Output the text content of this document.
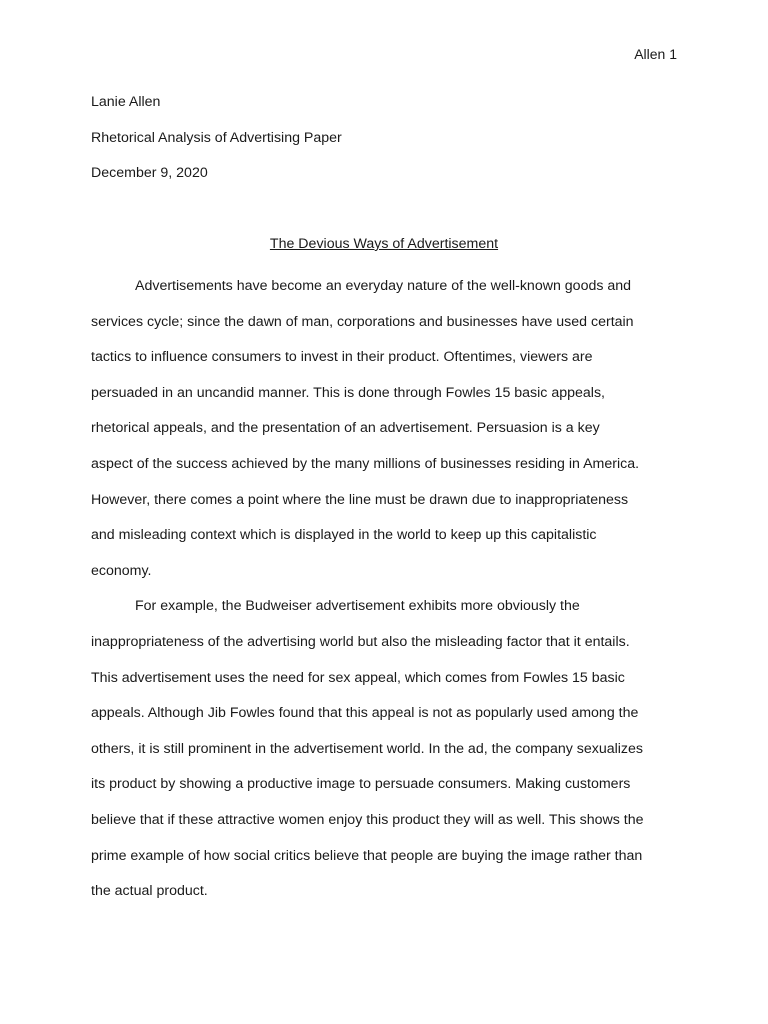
Allen 1
Lanie Allen
Rhetorical Analysis of Advertising Paper
December 9, 2020
The Devious Ways of Advertisement

Advertisements have become an everyday nature of the well-known goods and
services cycle; since the dawn of man, corporations and businesses have used certain
tactics to influence consumers to invest in their product. Oftentimes, viewers are
persuaded in an uncandid manner. This is done through Fowles 15 basic appeals,
rhetorical appeals, and the presentation of an advertisement. Persuasion is a key
aspect of the success achieved by the many millions of businesses residing in America.
However, there comes a point where the line must be drawn due to inappropriateness
and misleading context which is displayed in the world to keep up this capitalistic
economy.

For example, the Budweiser advertisement exhibits more obviously the
inappropriateness of the advertising world but also the misleading factor that it entails.
This advertisement uses the need for sex appeal, which comes from Fowles 15 basic
appeals. Although Jib Fowles found that this appeal is not as popularly used among the
others, it is still prominent in the advertisement world. In the ad, the company sexualizes
its product by showing a productive image to persuade consumers. Making customers
believe that if these attractive women enjoy this product they will as well. This shows the
prime example of how social critics believe that people are buying the image rather than
the actual product.
